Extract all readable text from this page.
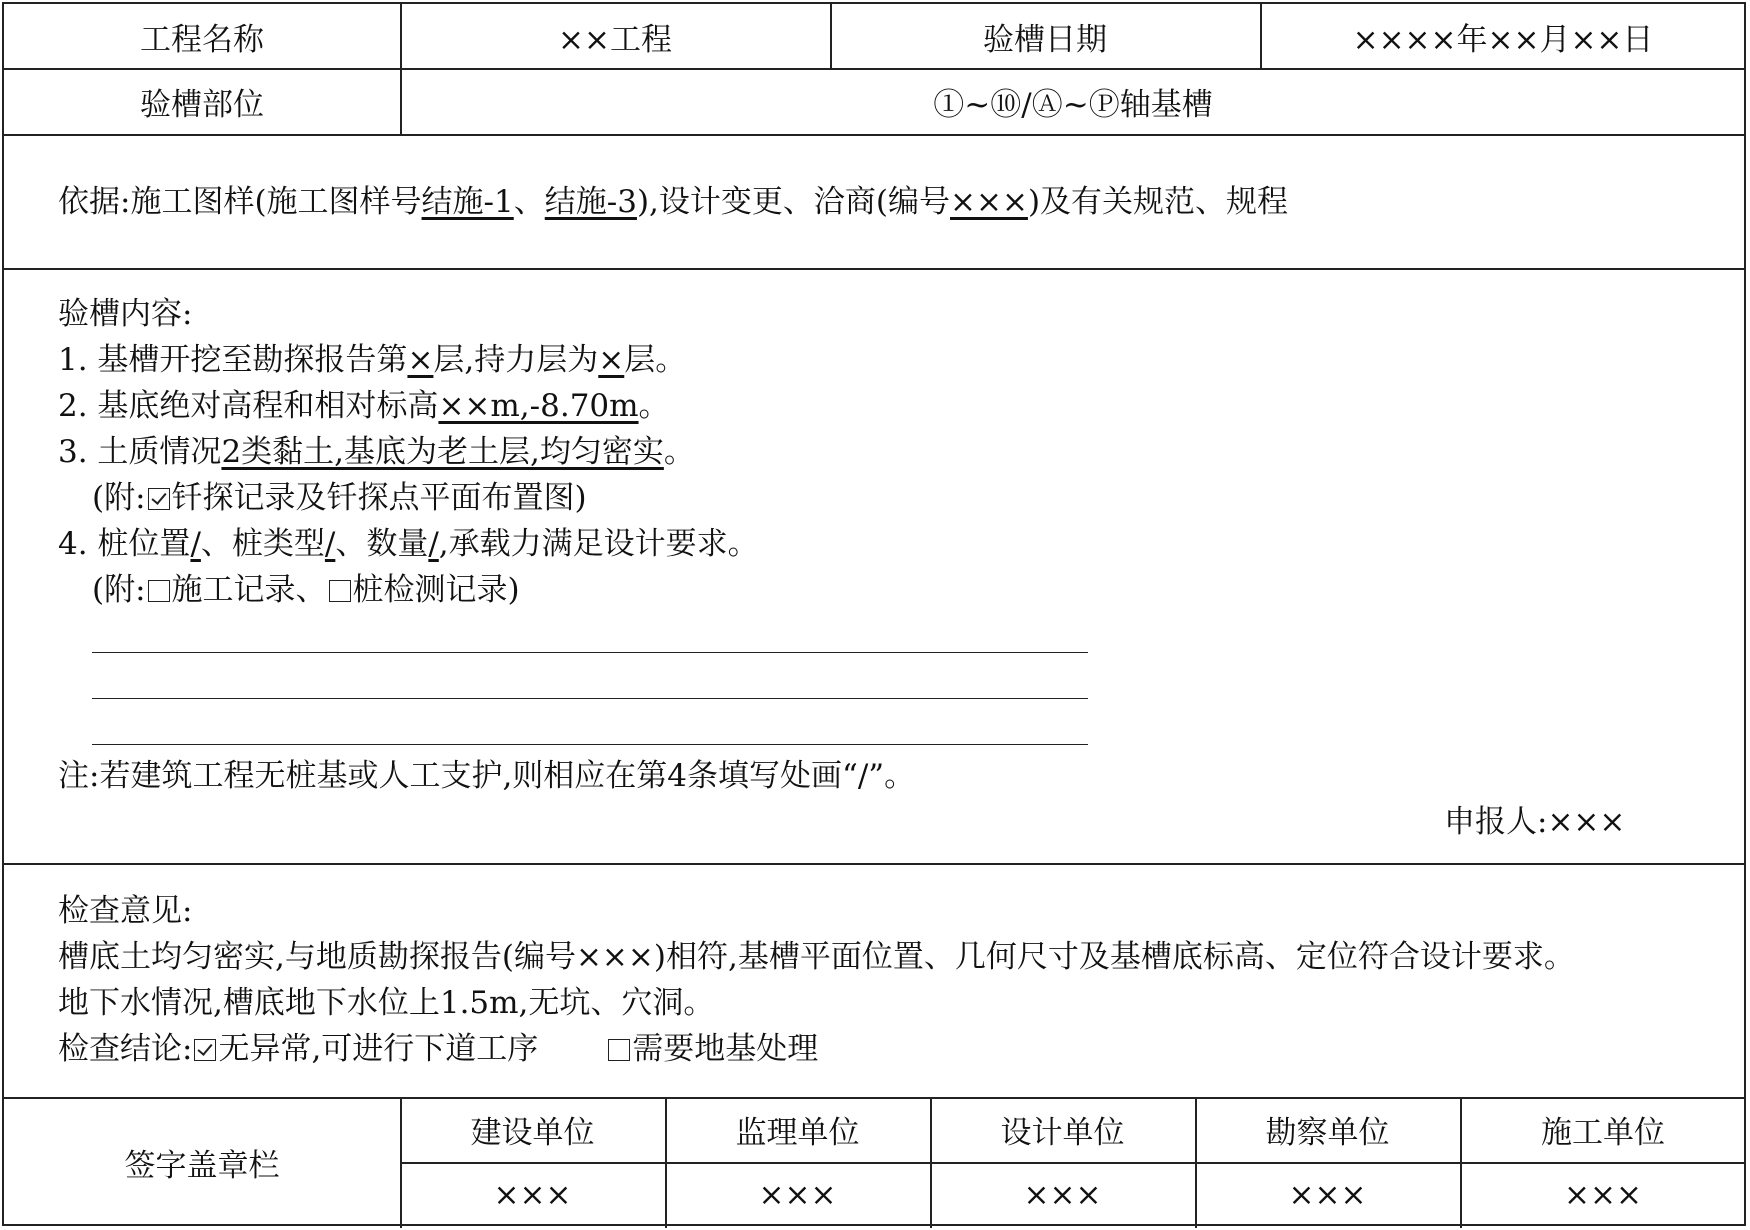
工程名称	××工程	验槽日期	××××年××月××日
验槽部位	①~⑩/Ⓐ~Ⓟ轴基槽
依据:施工图样(施工图样号结施-1、结施-3),设计变更、洽商(编号×××)及有关规范、规程
验槽内容:
1. 基槽开挖至勘探报告第×层,持力层为×层。
2. 基底绝对高程和相对标高××m,-8.70m。
3. 土质情况2类黏土,基底为老土层,均匀密实。
(附: 钎探记录及钎探点平面布置图)
4. 桩位置/、桩类型/、数量/,承载力满足设计要求。
(附: 施工记录、 桩检测记录)
注:若建筑工程无桩基或人工支护,则相应在第4条填写处画“/”。
申报人:×××
检查意见:
槽底土均匀密实,与地质勘探报告(编号×××)相符,基槽平面位置、几何尺寸及基槽底标高、定位符合设计要求。
地下水情况,槽底地下水位上1.5m,无坑、穴洞。
检查结论: 无异常,可进行下道工序	需要地基处理
签字盖章栏
建设单位	监理单位	设计单位	勘察单位	施工单位
×××	×××	×××	×××	×××
